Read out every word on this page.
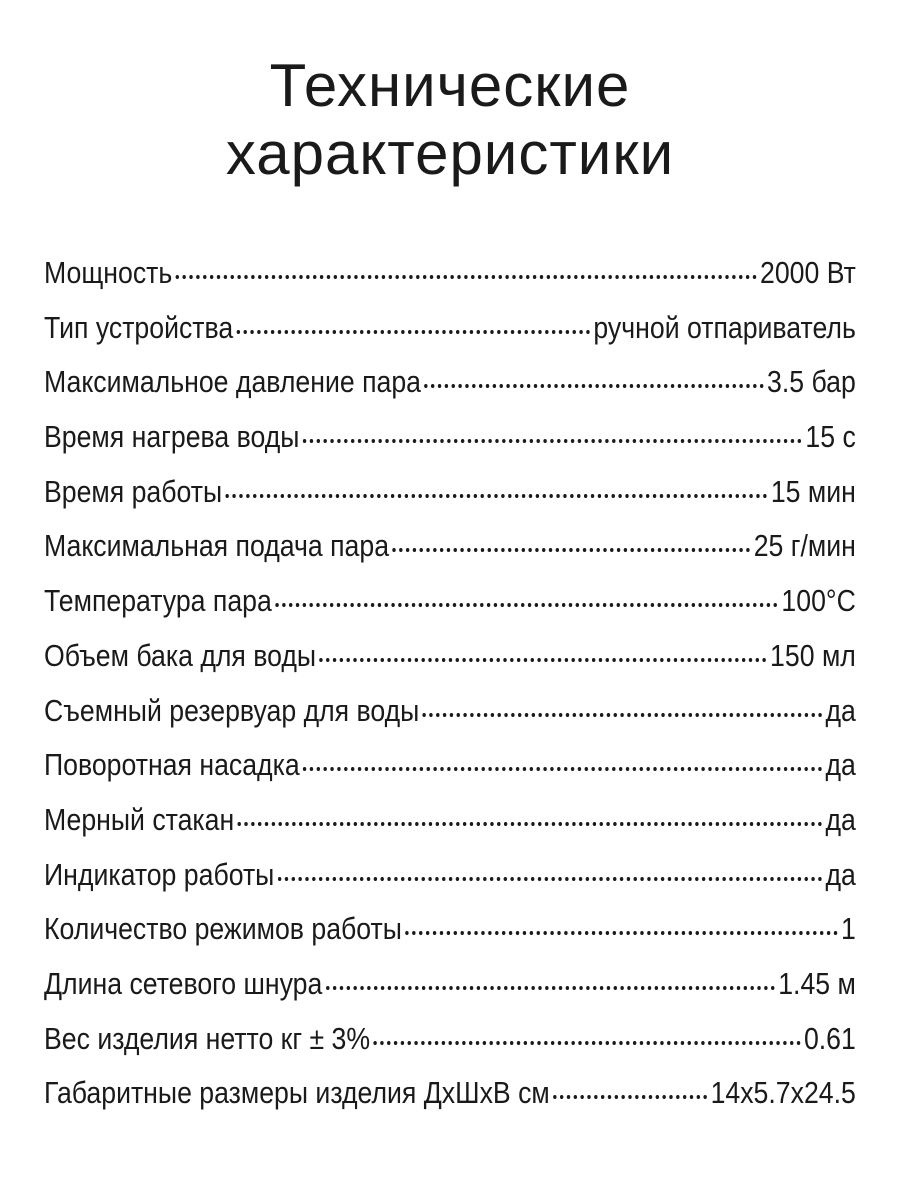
Технические
характеристики
Мощность	2000 Вт
Тип устройства	ручной отпариватель
Максимальное давление пара	3.5 бар
Время нагрева воды	15 с
Время работы	15 мин
Максимальная подача пара	25 г/мин
Температура пара	100°С
Объем бака для воды	150 мл
Съемный резервуар для воды	да
Поворотная насадка	да
Мерный стакан	да
Индикатор работы	да
Количество режимов работы	1
Длина сетевого шнура	1.45 м
Вес изделия нетто кг ± 3%	0.61
Габаритные размеры изделия ДхШхВ см	14x5.7x24.5
